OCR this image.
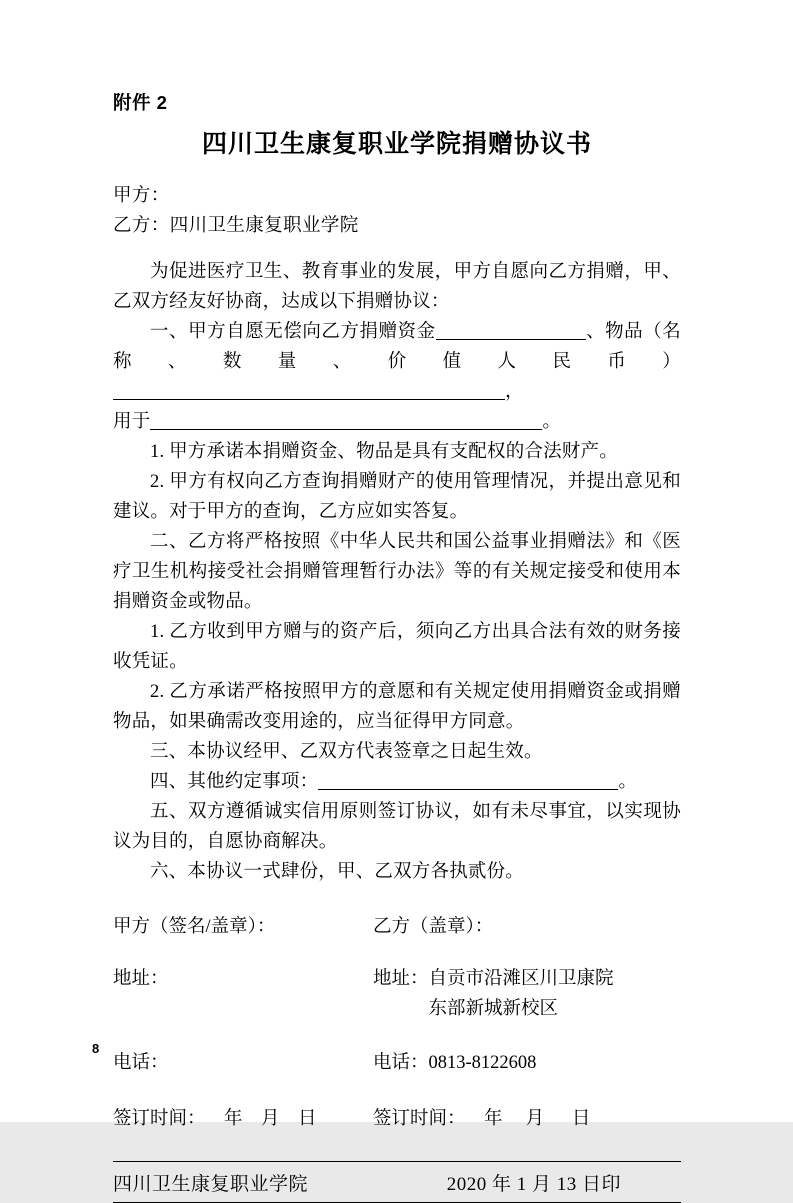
附件 2
四川卫生康复职业学院捐赠协议书
甲方：
乙方：四川卫生康复职业学院
为促进医疗卫生、教育事业的发展，甲方自愿向乙方捐赠，甲、乙双方经友好协商，达成以下捐赠协议：
一、甲方自愿无偿向乙方捐赠资金	、物品（名称、数量、价值人民币），
用于	。
1. 甲方承诺本捐赠资金、物品是具有支配权的合法财产。
2. 甲方有权向乙方查询捐赠财产的使用管理情况，并提出意见和建议。对于甲方的查询，乙方应如实答复。
二、乙方将严格按照《中华人民共和国公益事业捐赠法》和《医疗卫生机构接受社会捐赠管理暂行办法》等的有关规定接受和使用本捐赠资金或物品。
1. 乙方收到甲方赠与的资产后，须向乙方出具合法有效的财务接收凭证。
2. 乙方承诺严格按照甲方的意愿和有关规定使用捐赠资金或捐赠物品，如果确需改变用途的，应当征得甲方同意。
三、本协议经甲、乙双方代表签章之日起生效。
四、其他约定事项：	。
五、双方遵循诚实信用原则签订协议，如有未尽事宜，以实现协议为目的，自愿协商解决。
六、本协议一式肆份，甲、乙双方各执贰份。
甲方（签名/盖章）：	乙方（盖章）：
地址：	地址： 自贡市沿滩区川卫康院
东部新城新校区
电话：	电话：0813-8122608
签订时间：    年    月    日	签订时间：    年     月      日
四川卫生康复职业学院	2020 年 1 月 13 日印
8
